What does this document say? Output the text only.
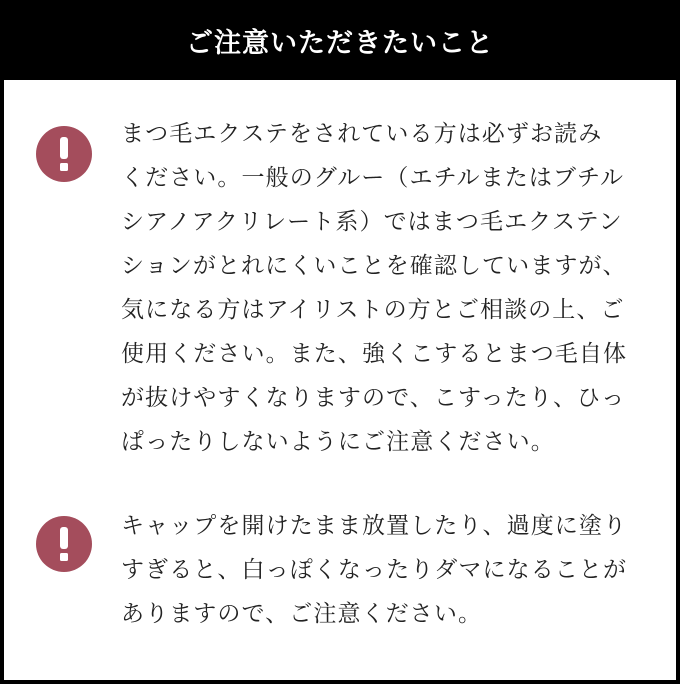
ご注意いただきたいこと

まつ毛エクステをされている方は必ずお読み
ください。一般のグルー（エチルまたはブチル
シアノアクリレート系）ではまつ毛エクステン
ションがとれにくいことを確認していますが、
気になる方はアイリストの方とご相談の上、ご
使用ください。また、強くこするとまつ毛自体
が抜けやすくなりますので、こすったり、ひっ
ぱったりしないようにご注意ください。

キャップを開けたまま放置したり、過度に塗り
すぎると、白っぽくなったりダマになることが
ありますので、ご注意ください。
